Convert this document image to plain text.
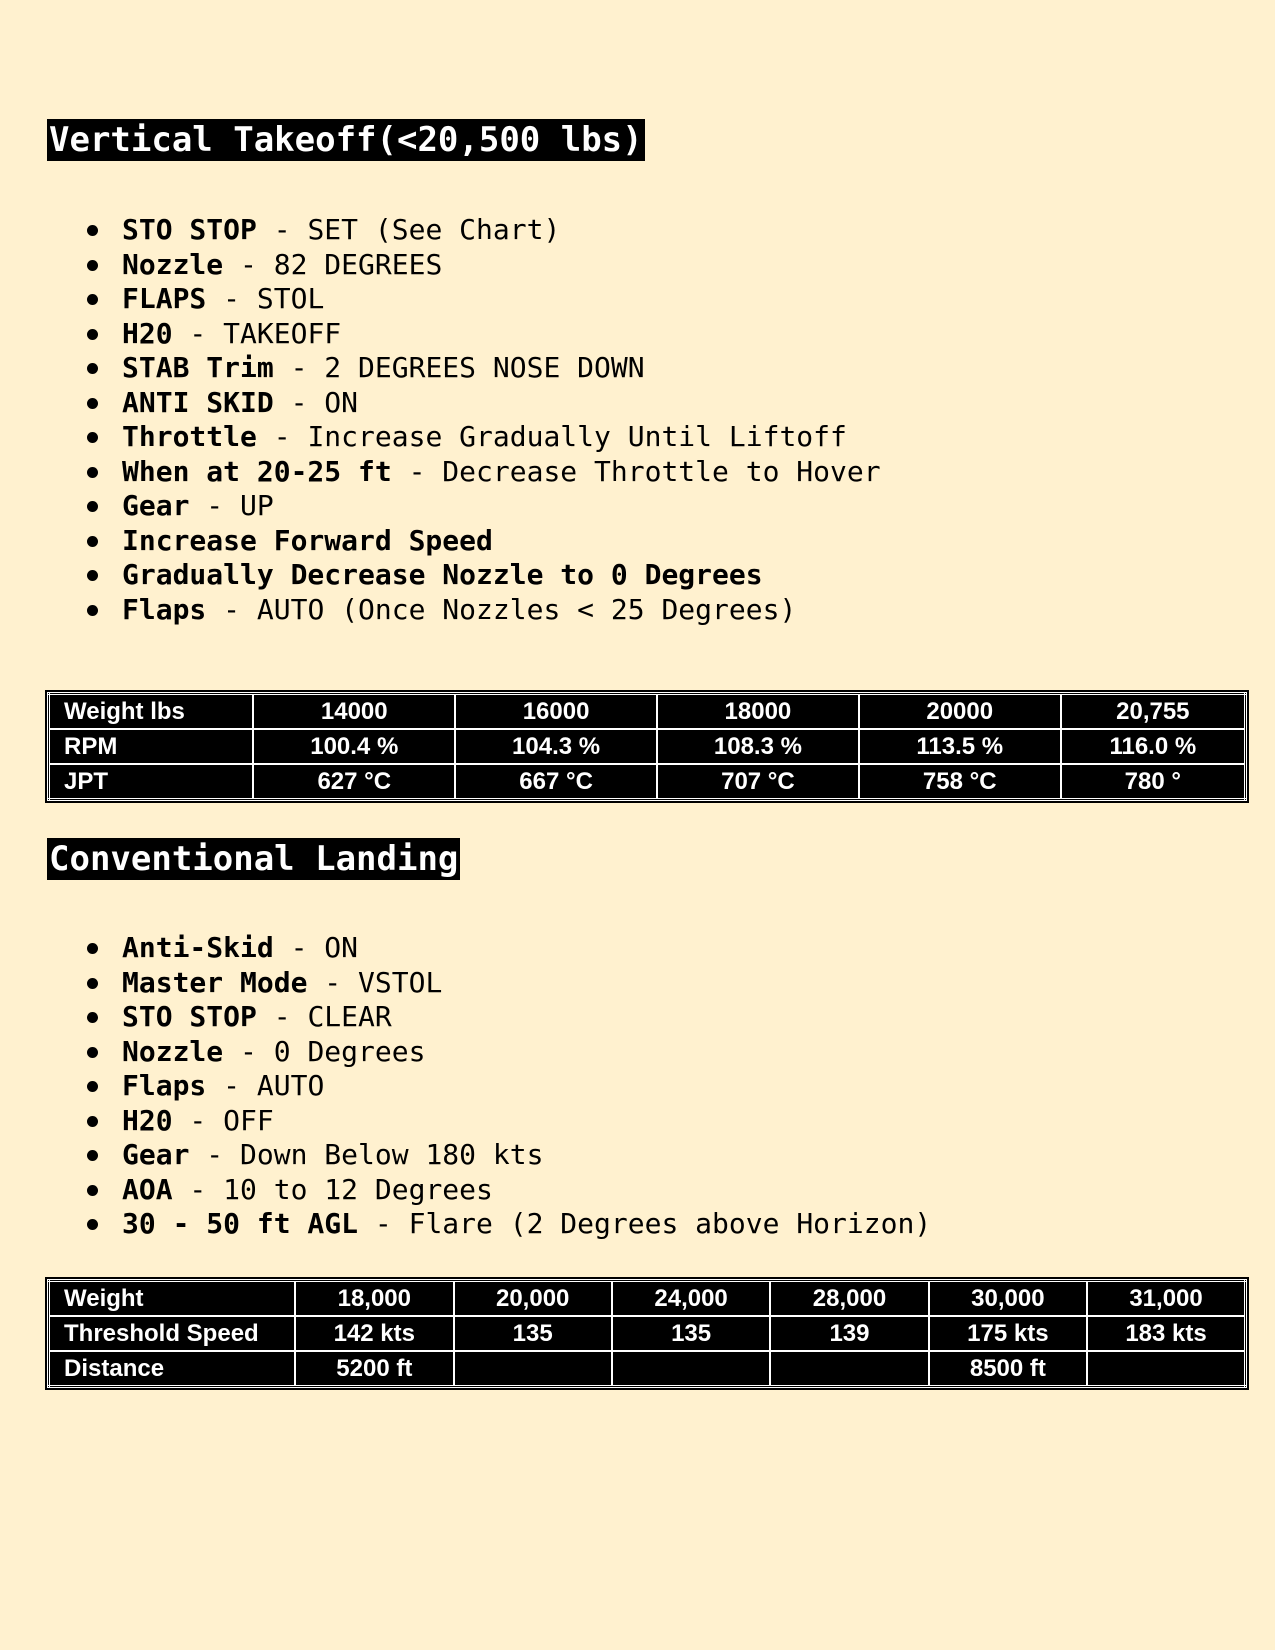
Vertical Takeoff(<20,500 lbs)
STO STOP - SET (See Chart)
Nozzle - 82 DEGREES
FLAPS - STOL
H20 - TAKEOFF
STAB Trim - 2 DEGREES NOSE DOWN
ANTI SKID - ON
Throttle - Increase Gradually Until Liftoff
When at 20-25 ft - Decrease Throttle to Hover
Gear - UP
Increase Forward Speed
Gradually Decrease Nozzle to 0 Degrees
Flaps - AUTO (Once Nozzles < 25 Degrees)
Weight lbs	14000	16000	18000	20000	20,755
RPM	100.4 %	104.3 %	108.3 %	113.5 %	116.0 %
JPT	627 °C	667 °C	707 °C	758 °C	780 °
Conventional Landing
Anti-Skid - ON
Master Mode - VSTOL
STO STOP - CLEAR
Nozzle - 0 Degrees
Flaps - AUTO
H20 - OFF
Gear - Down Below 180 kts
AOA - 10 to 12 Degrees
30 - 50 ft AGL - Flare (2 Degrees above Horizon)
Weight	18,000	20,000	24,000	28,000	30,000	31,000
Threshold Speed	142 kts	135	135	139	175 kts	183 kts
Distance	5200 ft				8500 ft	
